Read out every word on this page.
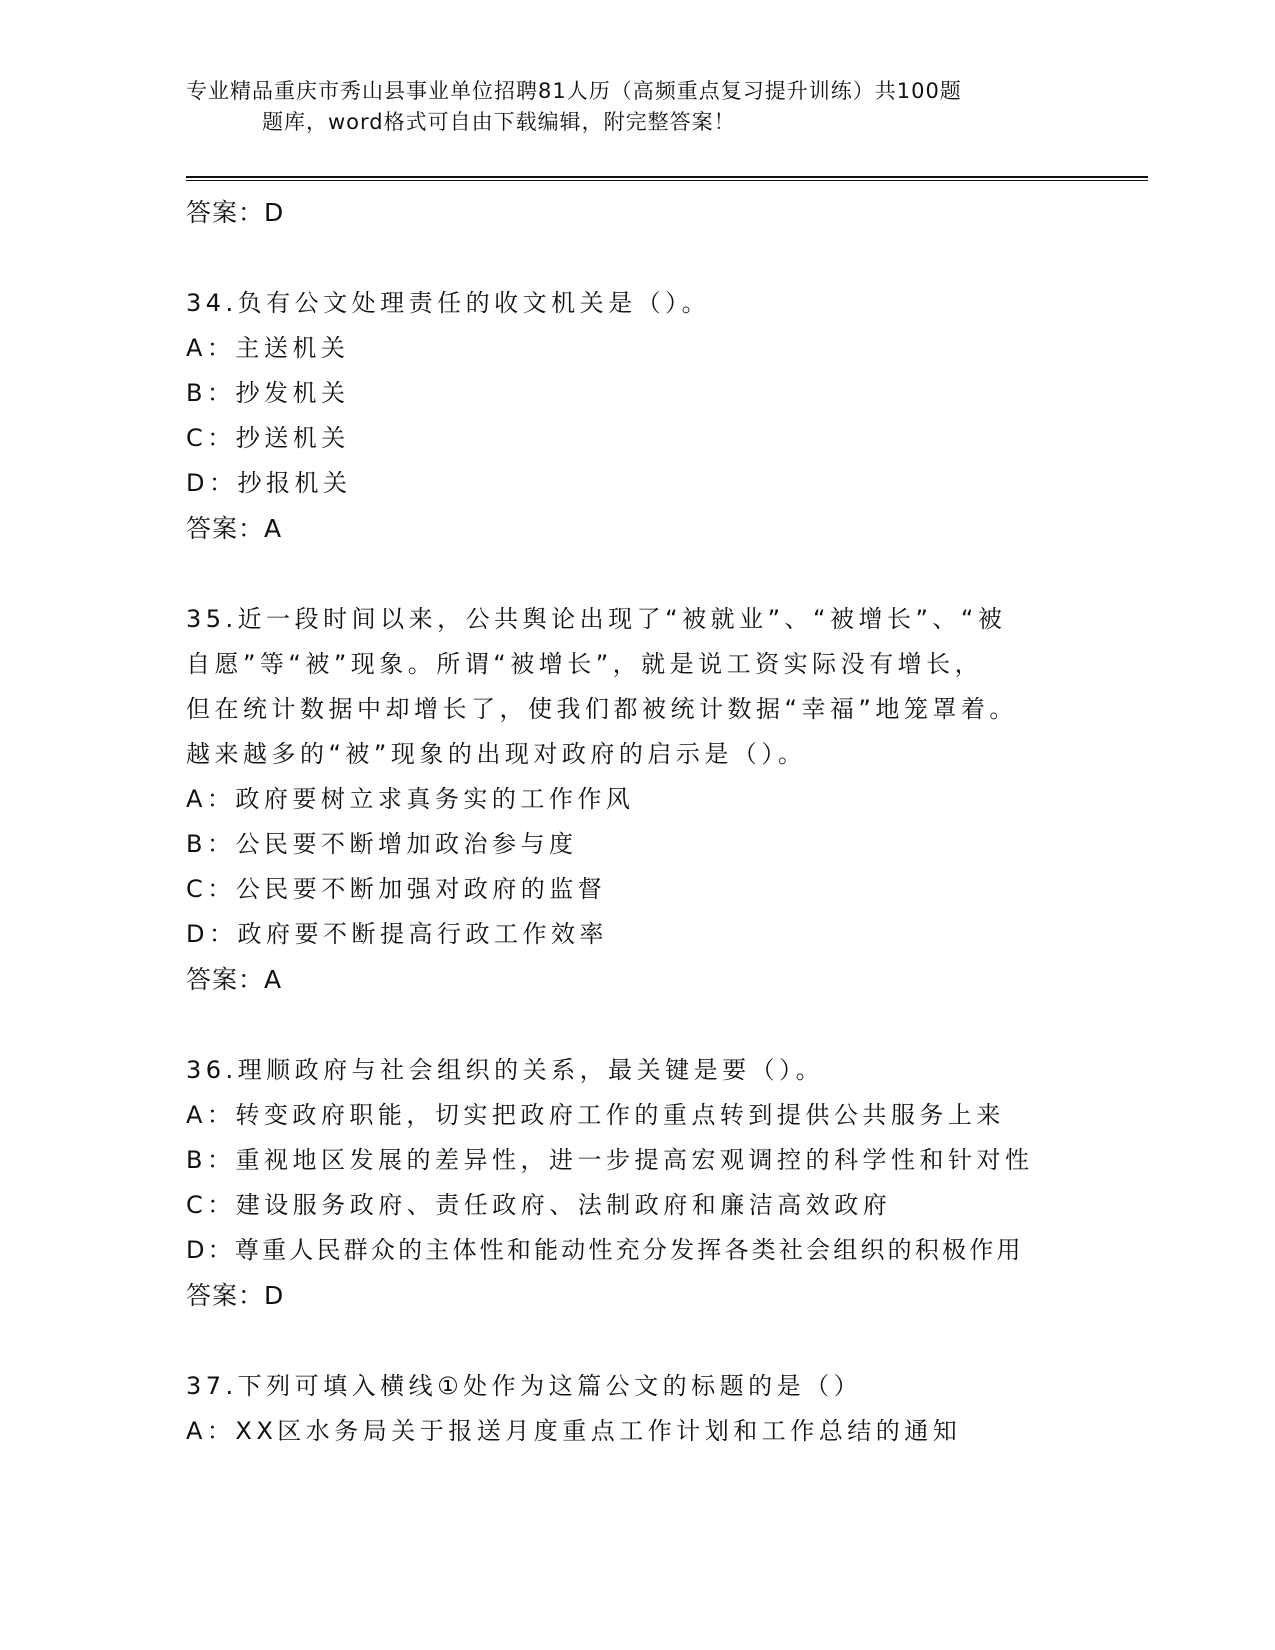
专业精品重庆市秀山县事业单位招聘81人历（高频重点复习提升训练）共100题
题库，word格式可自由下载编辑，附完整答案！
答案：D
34.负有公文处理责任的收文机关是（）。
A：主送机关
B：抄发机关
C：抄送机关
D：抄报机关
答案：A
35.近一段时间以来，公共舆论出现了“被就业”、“被增长”、“被
自愿”等“被”现象。所谓“被增长”，就是说工资实际没有增长，
但在统计数据中却增长了，使我们都被统计数据“幸福”地笼罩着。
越来越多的“被”现象的出现对政府的启示是（）。
A：政府要树立求真务实的工作作风
B：公民要不断增加政治参与度
C：公民要不断加强对政府的监督
D：政府要不断提高行政工作效率
答案：A
36.理顺政府与社会组织的关系，最关键是要（）。
A：转变政府职能，切实把政府工作的重点转到提供公共服务上来
B：重视地区发展的差异性，进一步提高宏观调控的科学性和针对性
C：建设服务政府、责任政府、法制政府和廉洁高效政府
D：尊重人民群众的主体性和能动性充分发挥各类社会组织的积极作用
答案：D
37.下列可填入横线①处作为这篇公文的标题的是（）
A：XX区水务局关于报送月度重点工作计划和工作总结的通知
